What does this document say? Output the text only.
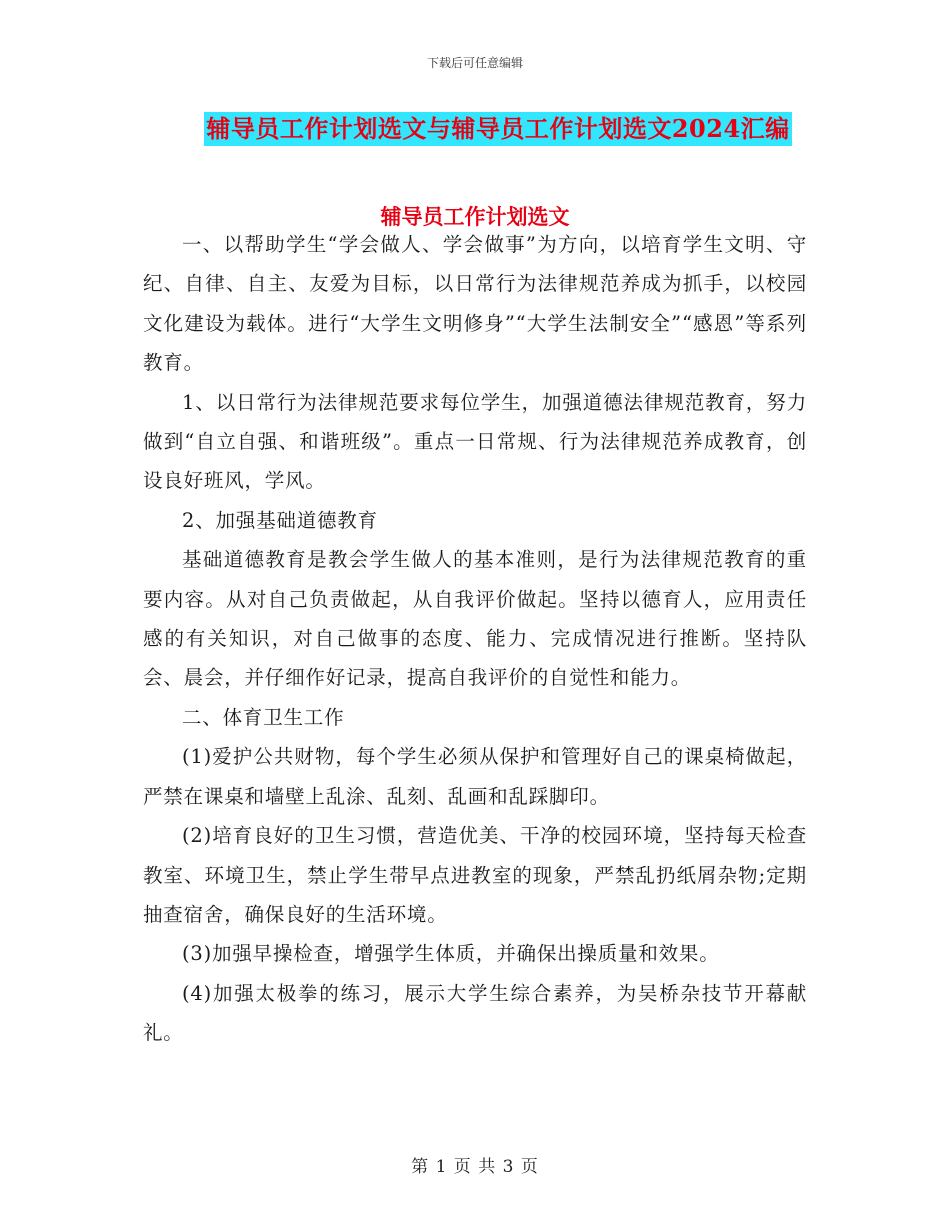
下载后可任意编辑
辅导员工作计划选文与辅导员工作计划选文2024汇编
辅导员工作计划选文

一、以帮助学生“学会做人、学会做事”为方向，以培育学生文明、守纪、自律、自主、友爱为目标，以日常行为法律规范养成为抓手，以校园文化建设为载体。进行“大学生文明修身”“大学生法制安全”“感恩”等系列教育。

1、以日常行为法律规范要求每位学生，加强道德法律规范教育，努力做到“自立自强、和谐班级”。重点一日常规、行为法律规范养成教育，创设良好班风，学风。

2、加强基础道德教育

基础道德教育是教会学生做人的基本准则，是行为法律规范教育的重要内容。从对自己负责做起，从自我评价做起。坚持以德育人，应用责任感的有关知识，对自己做事的态度、能力、完成情况进行推断。坚持队会、晨会，并仔细作好记录，提高自我评价的自觉性和能力。

二、体育卫生工作

(1)爱护公共财物，每个学生必须从保护和管理好自己的课桌椅做起，严禁在课桌和墙壁上乱涂、乱刻、乱画和乱踩脚印。

(2)培育良好的卫生习惯，营造优美、干净的校园环境，坚持每天检查教室、环境卫生，禁止学生带早点进教室的现象，严禁乱扔纸屑杂物;定期抽查宿舍，确保良好的生活环境。

(3)加强早操检查，增强学生体质，并确保出操质量和效果。

(4)加强太极拳的练习，展示大学生综合素养，为吴桥杂技节开幕献礼。

第 1 页 共 3 页
